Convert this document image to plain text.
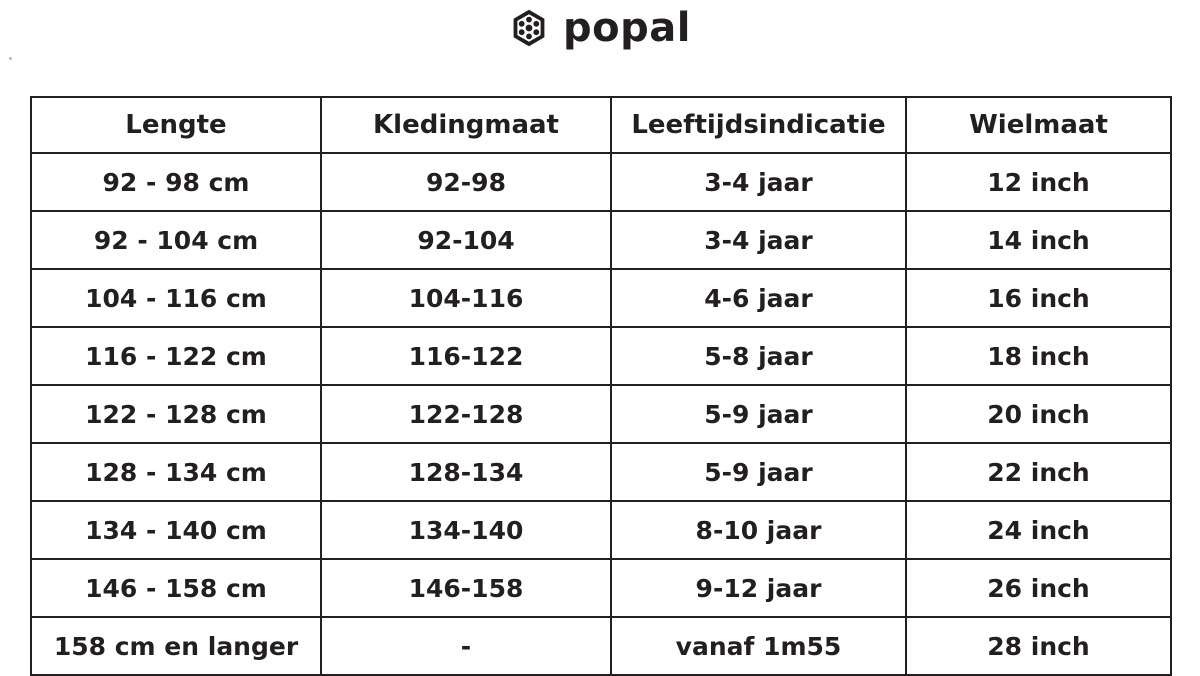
popal
Lengte	Kledingmaat	Leeftijdsindicatie	Wielmaat
92 - 98 cm	92-98	3-4 jaar	12 inch
92 - 104 cm	92-104	3-4 jaar	14 inch
104 - 116 cm	104-116	4-6 jaar	16 inch
116 - 122 cm	116-122	5-8 jaar	18 inch
122 - 128 cm	122-128	5-9 jaar	20 inch
128 - 134 cm	128-134	5-9 jaar	22 inch
134 - 140 cm	134-140	8-10 jaar	24 inch
146 - 158 cm	146-158	9-12 jaar	26 inch
158 cm en langer	-	vanaf 1m55	28 inch
